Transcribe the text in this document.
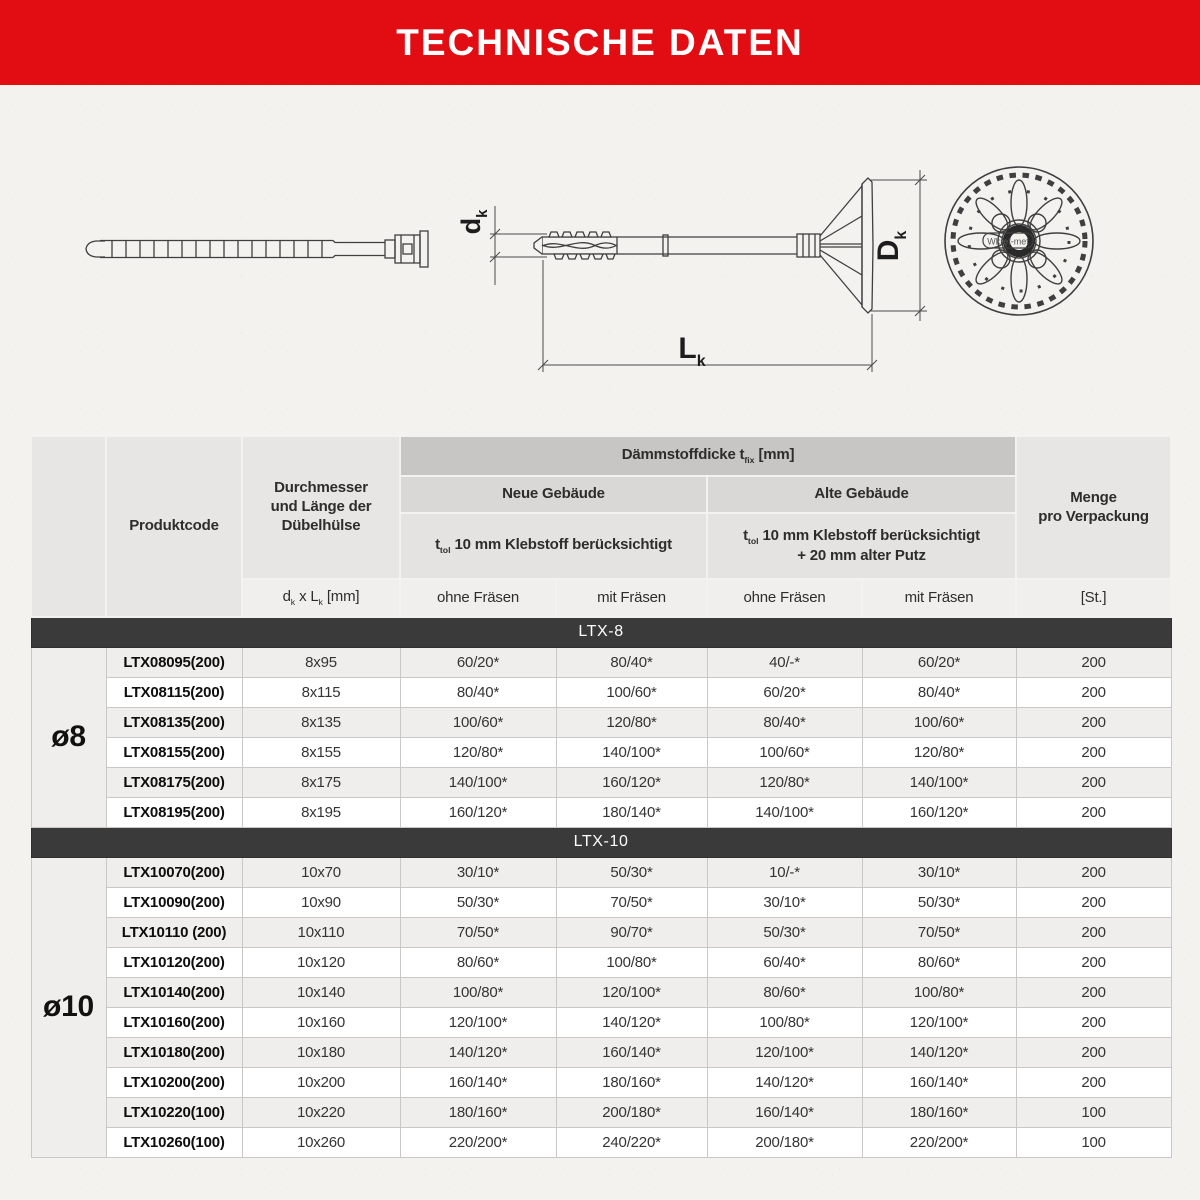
TECHNISCHE DATEN
$d_k$
$D_k$
$L_k$
Wkręt-met
	Produktcode	Durchmesser
und Länge der
Dübelhülse	Dämmstoffdicke $t_{fix}$ [mm]				Menge
pro Verpackung

			Neue Gebäude		Alte Gebäude		
			$t_{tol}$ 10 mm Klebstoff berücksichtigt		$t_{tol}$ 10 mm Klebstoff berücksichtigt
+ 20 mm alter Putz		

		$d_k$ x $L_k$ [mm]	ohne Fräsen	mit Fräsen	ohne Fräsen	mit Fräsen	[St.]
LTX-8							
ø8	LTX08095(200)	8x95	60/20*	80/40*	40/-*	60/20*	200
	LTX08115(200)	8x115	80/40*	100/60*	60/20*	80/40*	200
	LTX08135(200)	8x135	100/60*	120/80*	80/40*	100/60*	200
	LTX08155(200)	8x155	120/80*	140/100*	100/60*	120/80*	200
	LTX08175(200)	8x175	140/100*	160/120*	120/80*	140/100*	200
	LTX08195(200)	8x195	160/120*	180/140*	140/100*	160/120*	200
LTX-10							
ø10	LTX10070(200)	10x70	30/10*	50/30*	10/-*	30/10*	200
	LTX10090(200)	10x90	50/30*	70/50*	30/10*	50/30*	200
	LTX10110 (200)	10x110	70/50*	90/70*	50/30*	70/50*	200
	LTX10120(200)	10x120	80/60*	100/80*	60/40*	80/60*	200
	LTX10140(200)	10x140	100/80*	120/100*	80/60*	100/80*	200
	LTX10160(200)	10x160	120/100*	140/120*	100/80*	120/100*	200
	LTX10180(200)	10x180	140/120*	160/140*	120/100*	140/120*	200
	LTX10200(200)	10x200	160/140*	180/160*	140/120*	160/140*	200
	LTX10220(100)	10x220	180/160*	200/180*	160/140*	180/160*	100
	LTX10260(100)	10x260	220/200*	240/220*	200/180*	220/200*	100
